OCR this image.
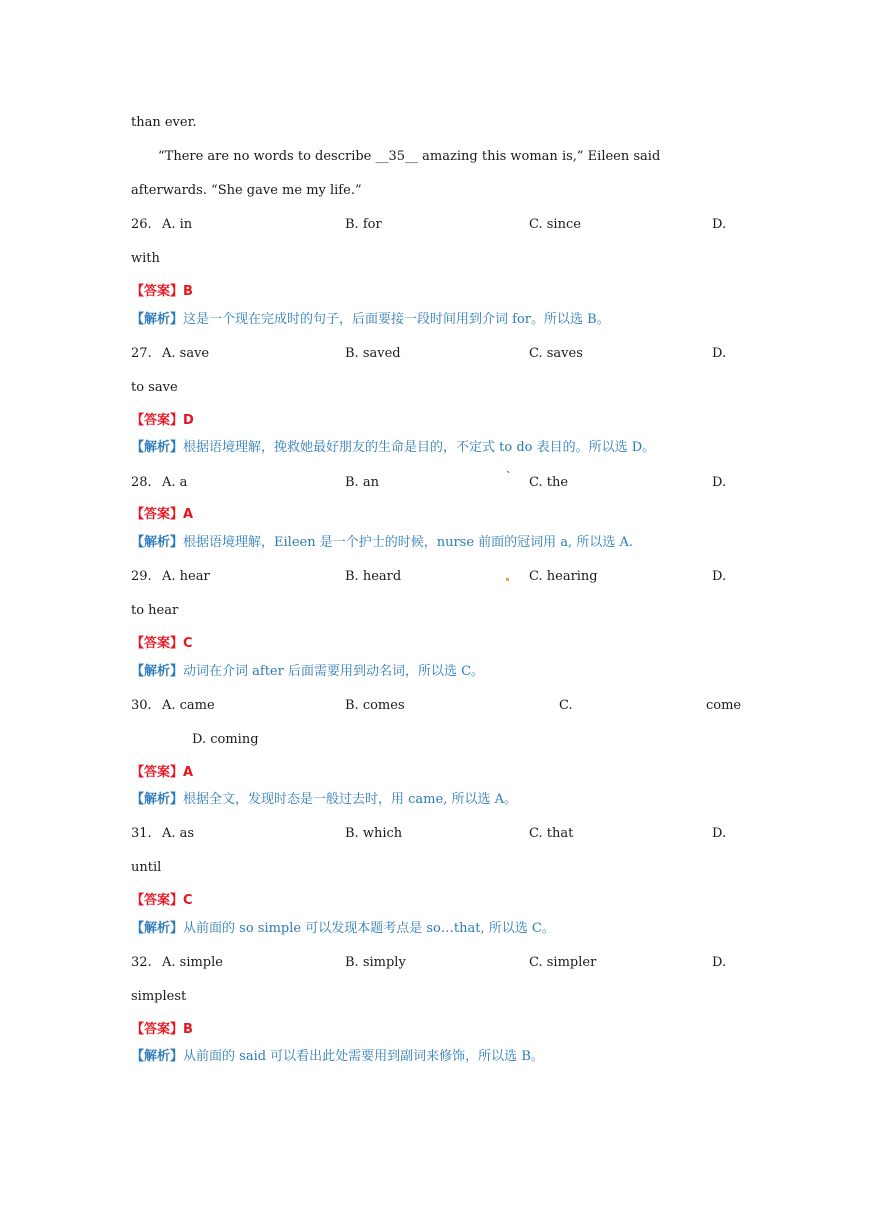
than ever.
“There are no words to describe __35__ amazing this woman is,” Eileen said
afterwards. “She gave me my life.”
26. A. in	B. for	C. since	D.
with
【答案】B
【解析】这是一个现在完成时的句子，后面要接一段时间用到介词 for。所以选 B。
27. A. save	B. saved	C. saves	D.
to save
【答案】D
【解析】根据语境理解，挽救她最好朋友的生命是目的，不定式 to do 表目的。所以选 D。
28. A. a	B. an	` C. the	D.
【答案】A
【解析】根据语境理解，Eileen 是一个护士的时候，nurse 前面的冠词用 a, 所以选 A.
29. A. hear	B. heard	C. hearing	D.
to hear
【答案】C
【解析】动词在介词 after 后面需要用到动名词，所以选 C。
30. A. came	B. comes	C.	come
D. coming
【答案】A
【解析】根据全文，发现时态是一般过去时，用 came, 所以选 A。
31. A. as	B. which	C. that	D.
until
【答案】C
【解析】从前面的 so simple 可以发现本题考点是 so…that, 所以选 C。
32. A. simple	B. simply	C. simpler	D.
simplest
【答案】B
【解析】从前面的 said 可以看出此处需要用到副词来修饰，所以选 B。
